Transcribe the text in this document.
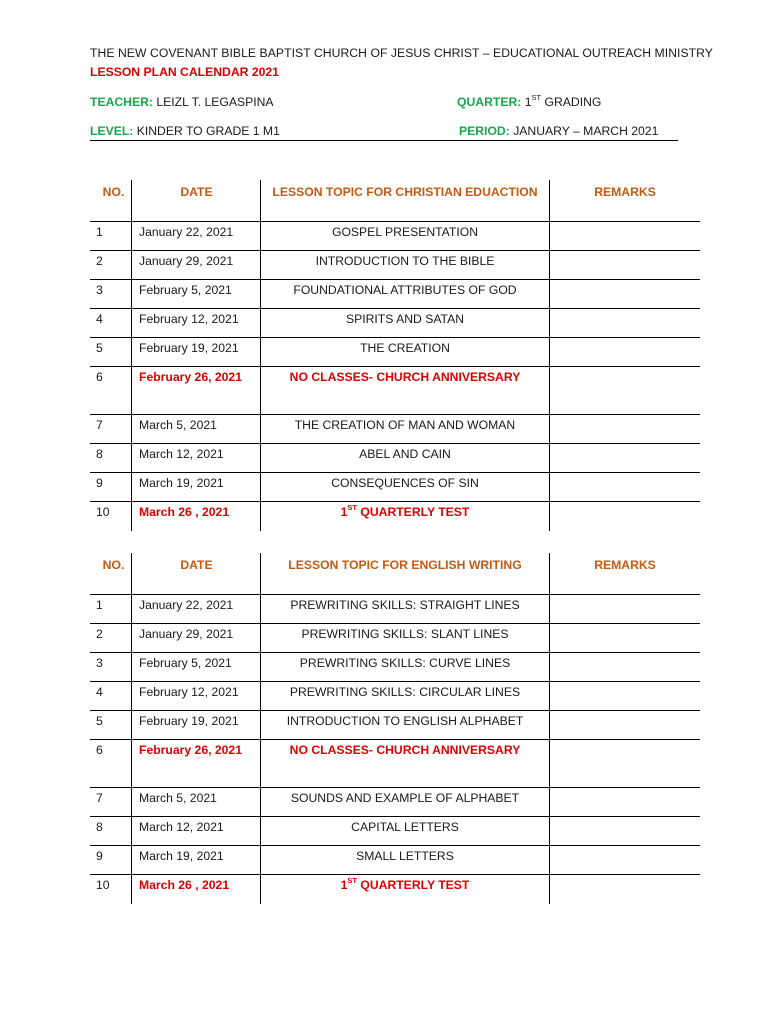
THE NEW COVENANT BIBLE BAPTIST CHURCH OF JESUS CHRIST – EDUCATIONAL OUTREACH MINISTRY
LESSON PLAN CALENDAR 2021
TEACHER: LEIZL T. LEGASPINA	QUARTER: 1ST GRADING
LEVEL: KINDER TO GRADE 1 M1	PERIOD: JANUARY – MARCH 2021
NO.	DATE	LESSON TOPIC FOR CHRISTIAN EDUACTION	REMARKS
1	January 22, 2021	GOSPEL PRESENTATION	
2	January 29, 2021	INTRODUCTION TO THE BIBLE	
3	February 5, 2021	FOUNDATIONAL ATTRIBUTES OF GOD	
4	February 12, 2021	SPIRITS AND SATAN	
5	February 19, 2021	THE CREATION	
6	February 26, 2021	NO CLASSES- CHURCH ANNIVERSARY	
7	March 5, 2021	THE CREATION OF MAN AND WOMAN	
8	March 12, 2021	ABEL AND CAIN	
9	March 19, 2021	CONSEQUENCES OF SIN	
10	March 26 , 2021	1ST QUARTERLY TEST	
NO.	DATE	LESSON TOPIC FOR ENGLISH WRITING	REMARKS
1	January 22, 2021	PREWRITING SKILLS: STRAIGHT LINES	
2	January 29, 2021	PREWRITING SKILLS: SLANT LINES	
3	February 5, 2021	PREWRITING SKILLS: CURVE LINES	
4	February 12, 2021	PREWRITING SKILLS: CIRCULAR LINES	
5	February 19, 2021	INTRODUCTION TO ENGLISH ALPHABET	
6	February 26, 2021	NO CLASSES- CHURCH ANNIVERSARY	
7	March 5, 2021	SOUNDS AND EXAMPLE OF ALPHABET	
8	March 12, 2021	CAPITAL LETTERS	
9	March 19, 2021	SMALL LETTERS	
10	March 26 , 2021	1ST QUARTERLY TEST	
